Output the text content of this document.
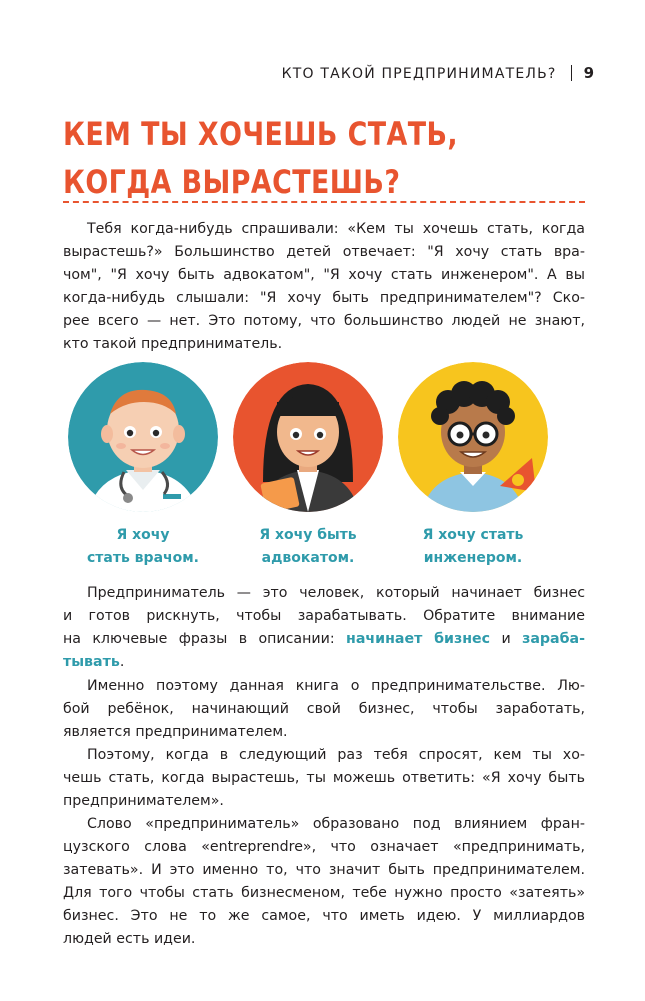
КТО ТАКОЙ ПРЕДПРИНИМАТЕЛЬ? 9
КЕМ ТЫ ХОЧЕШЬ СТАТЬ,
КОГДА ВЫРАСТЕШЬ?

Тебя когда-нибудь спрашивали: «Кем ты хочешь стать, когда
вырастешь?» Большинство детей отвечает: "Я хочу стать вра-
чом", "Я хочу быть адвокатом", "Я хочу стать инженером". А вы
когда-нибудь слышали: "Я хочу быть предпринимателем"? Ско-
рее всего — нет. Это потому, что большинство людей не знают,
кто такой предприниматель.

Я хочу
стать врачом.
Я хочу быть
адвокатом.
Я хочу стать
инженером.

Предприниматель — это человек, который начинает бизнес
и готов рискнуть, чтобы зарабатывать. Обратите внимание
на ключевые фразы в описании: начинает бизнес и зараба-
тывать.

Именно поэтому данная книга о предпринимательстве. Лю-
бой ребёнок, начинающий свой бизнес, чтобы заработать,
является предпринимателем.

Поэтому, когда в следующий раз тебя спросят, кем ты хо-
чешь стать, когда вырастешь, ты можешь ответить: «Я хочу быть
предпринимателем».

Слово «предприниматель» образовано под влиянием фран-
цузского слова «entreprendre», что означает «предпринимать,
затевать». И это именно то, что значит быть предпринимателем.
Для того чтобы стать бизнесменом, тебе нужно просто «затеять»
бизнес. Это не то же самое, что иметь идею. У миллиардов
людей есть идеи.
